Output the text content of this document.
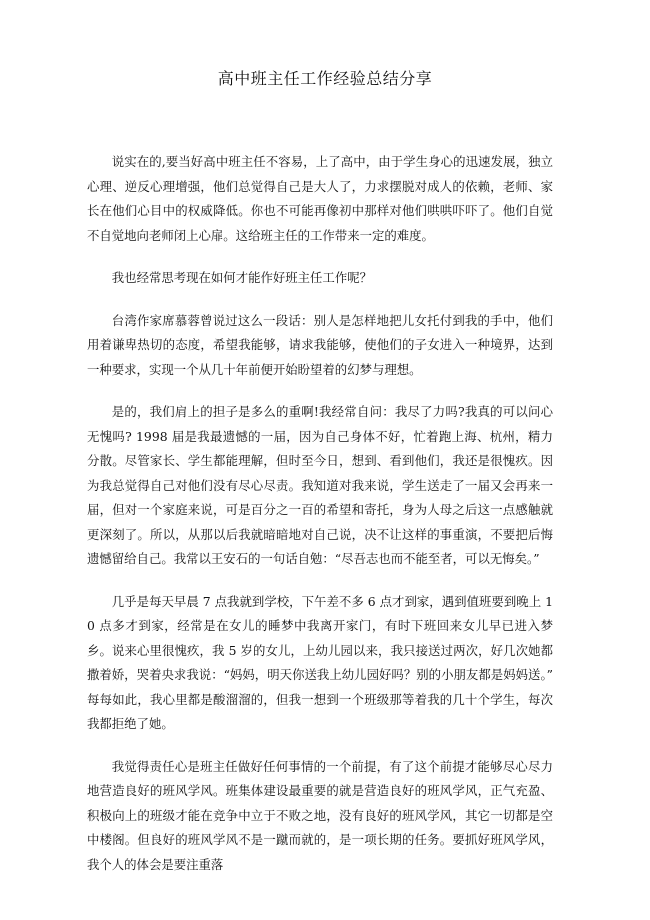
高中班主任工作经验总结分享

说实在的,要当好高中班主任不容易，上了高中，由于学生身心的迅速发展，独立心理、逆反心理增强，他们总觉得自己是大人了，力求摆脱对成人的依赖，老师、家长在他们心目中的权威降低。你也不可能再像初中那样对他们哄哄吓吓了。他们自觉不自觉地向老师闭上心扉。这给班主任的工作带来一定的难度。

我也经常思考现在如何才能作好班主任工作呢？

台湾作家席慕蓉曾说过这么一段话：别人是怎样地把儿女托付到我的手中，他们用着谦卑热切的态度，希望我能够，请求我能够，使他们的子女进入一种境界，达到一种要求，实现一个从几十年前便开始盼望着的幻梦与理想。

是的，我们肩上的担子是多么的重啊!我经常自问：我尽了力吗?我真的可以问心无愧吗? 1998 届是我最遗憾的一届，因为自己身体不好，忙着跑上海、杭州，精力分散。尽管家长、学生都能理解，但时至今日，想到、看到他们，我还是很愧疚。因为我总觉得自己对他们没有尽心尽责。我知道对我来说，学生送走了一届又会再来一届，但对一个家庭来说，可是百分之一百的希望和寄托，身为人母之后这一点感触就更深刻了。所以，从那以后我就暗暗地对自己说，决不让这样的事重演，不要把后悔遗憾留给自己。我常以王安石的一句话自勉：“尽吾志也而不能至者，可以无悔矣。”

几乎是每天早晨 7 点我就到学校，下午差不多 6 点才到家，遇到值班要到晚上 10 点多才到家，经常是在女儿的睡梦中我离开家门，有时下班回来女儿早已进入梦乡。说来心里很愧疚，我 5 岁的女儿，上幼儿园以来，我只接送过两次，好几次她都撒着娇，哭着央求我说：“妈妈，明天你送我上幼儿园好吗？别的小朋友都是妈妈送。” 每每如此，我心里都是酸溜溜的，但我一想到一个班级那等着我的几十个学生，每次我都拒绝了她。

我觉得责任心是班主任做好任何事情的一个前提，有了这个前提才能够尽心尽力地营造良好的班风学风。班集体建设最重要的就是营造良好的班风学风，正气充盈、积极向上的班级才能在竞争中立于不败之地，没有良好的班风学风，其它一切都是空中楼阁。但良好的班风学风不是一蹴而就的，是一项长期的任务。要抓好班风学风，我个人的体会是要注重落
